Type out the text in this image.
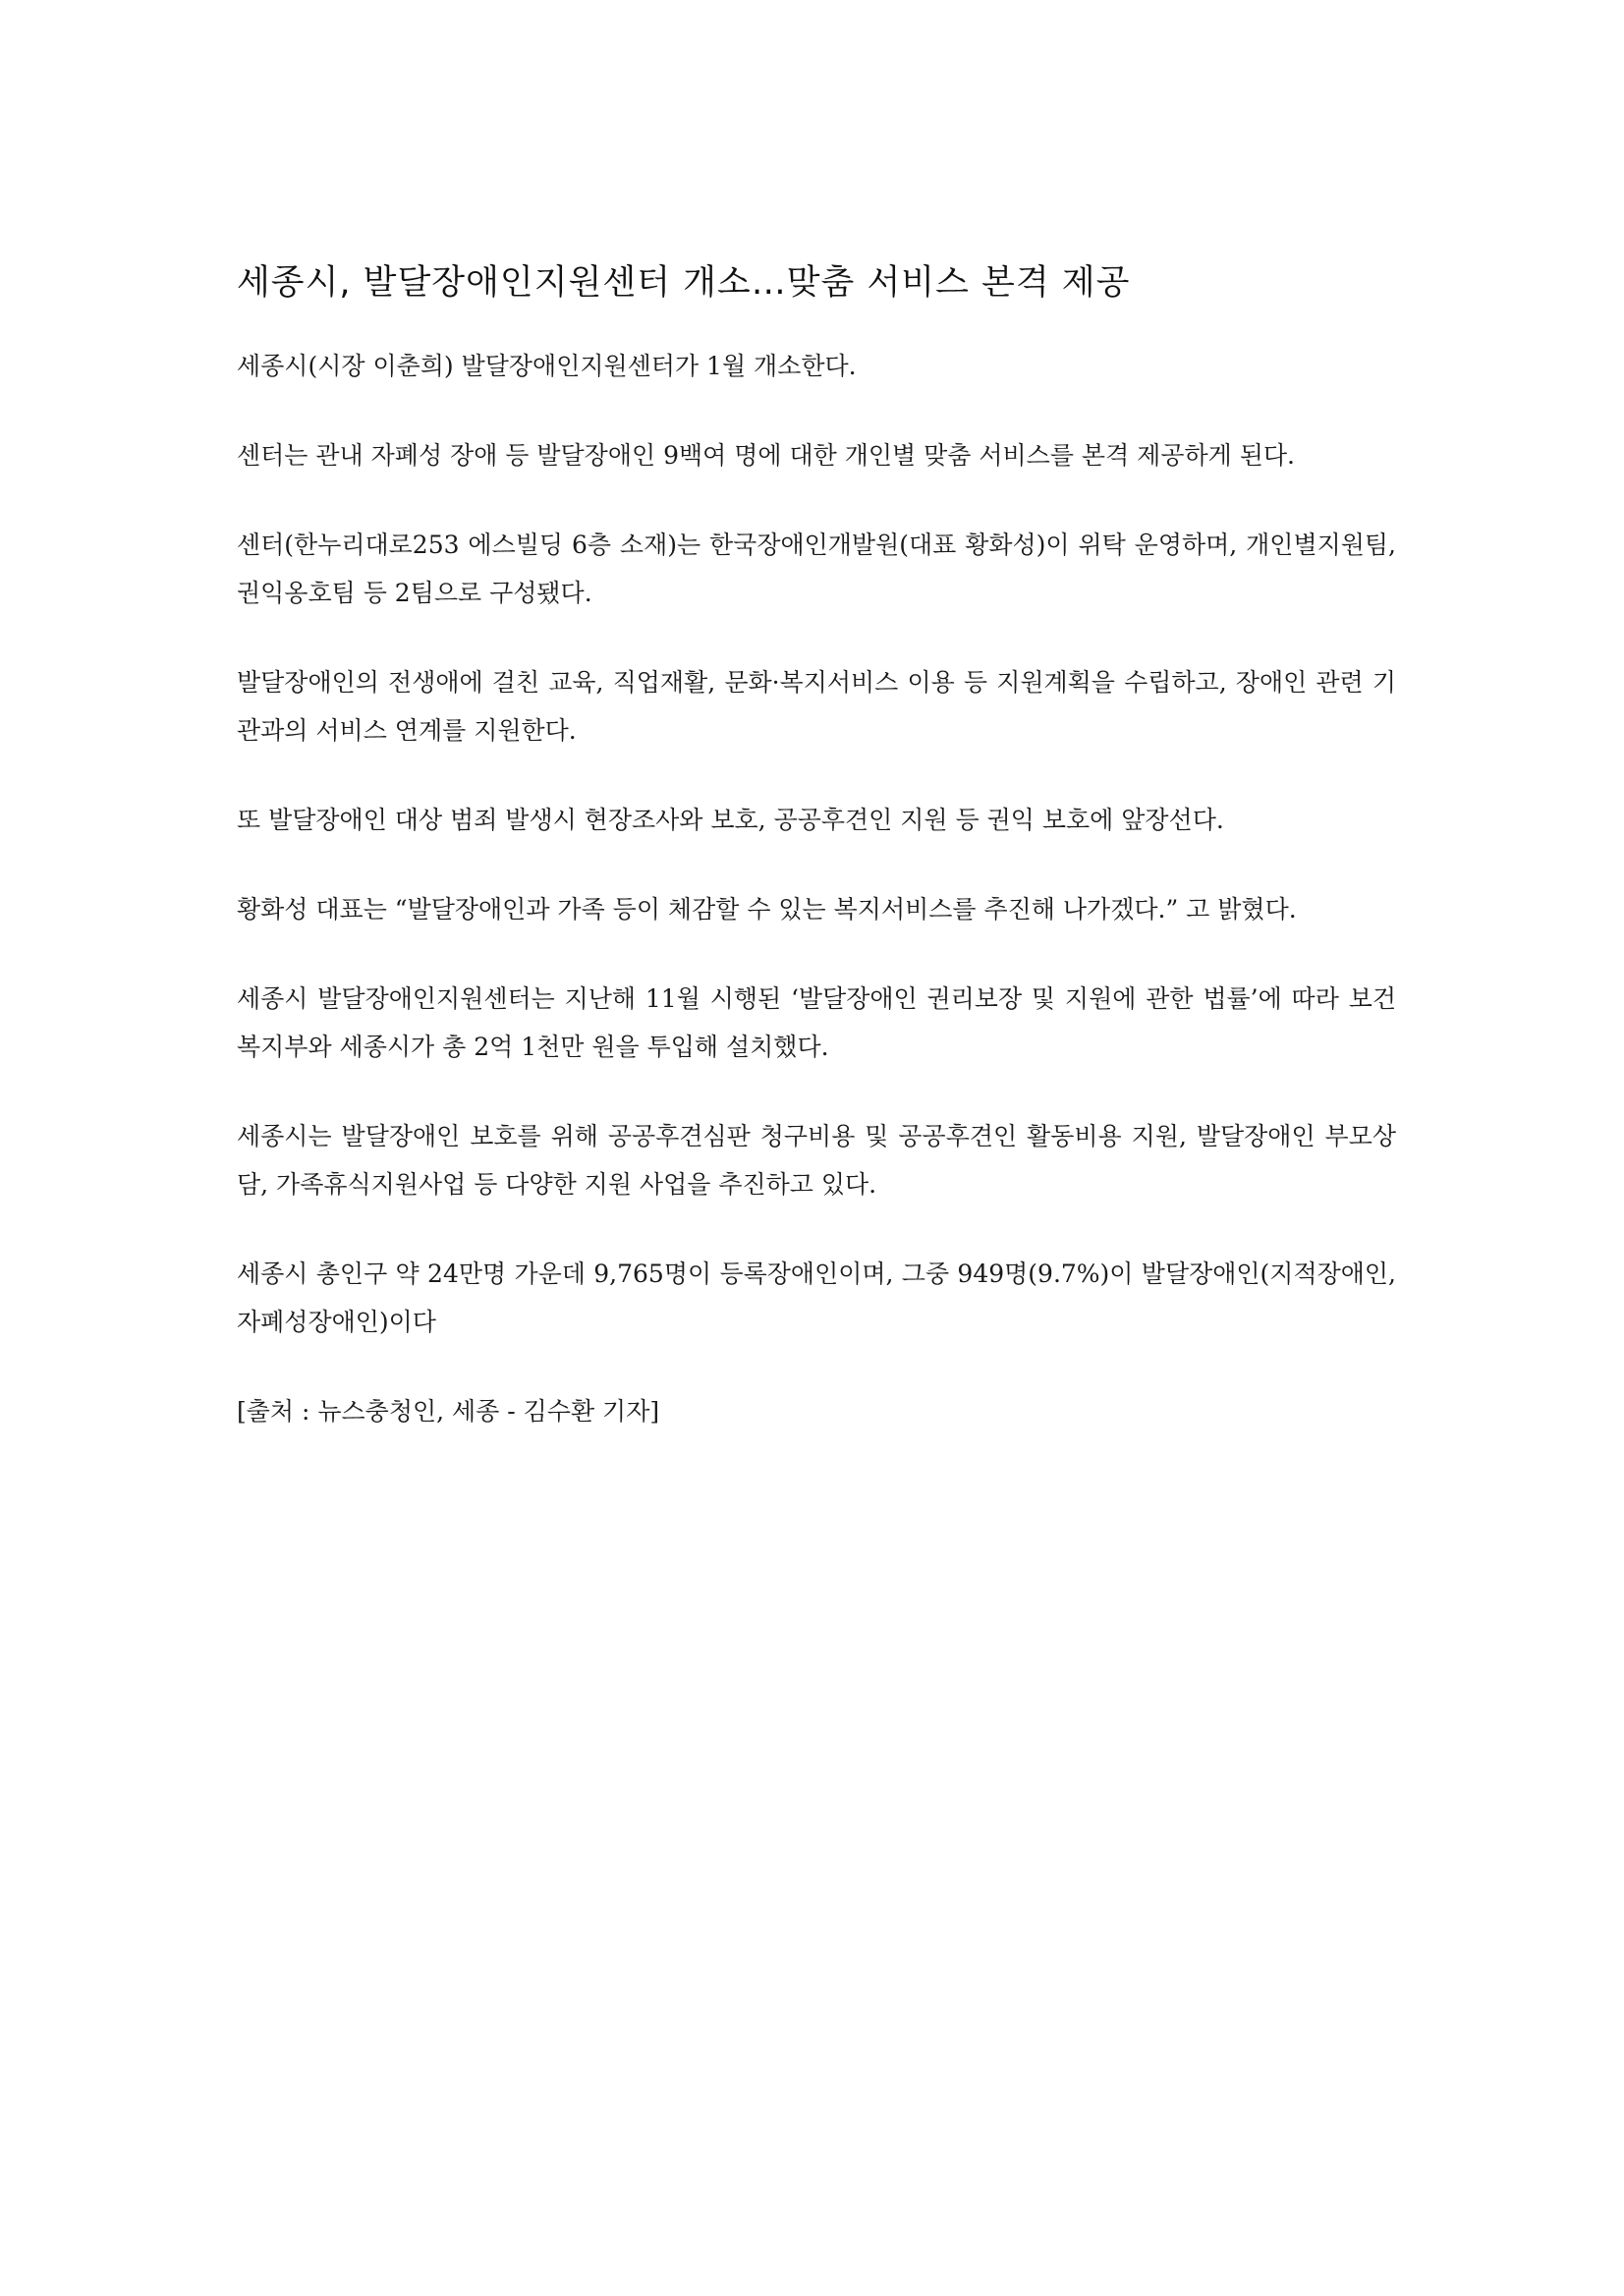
세종시, 발달장애인지원센터 개소…맞춤 서비스 본격 제공

세종시(시장 이춘희) 발달장애인지원센터가 1월 개소한다.

센터는 관내 자폐성 장애 등 발달장애인 9백여 명에 대한 개인별 맞춤 서비스를 본격 제공하게 된다.

센터(한누리대로253 에스빌딩 6층 소재)는 한국장애인개발원(대표 황화성)이 위탁 운영하며, 개인별지원팀, 권익옹호팀 등 2팀으로 구성됐다.

발달장애인의 전생애에 걸친 교육, 직업재활, 문화·복지서비스 이용 등 지원계획을 수립하고, 장애인 관련 기관과의 서비스 연계를 지원한다.

또 발달장애인 대상 범죄 발생시 현장조사와 보호, 공공후견인 지원 등 권익 보호에 앞장선다.

황화성 대표는 “발달장애인과 가족 등이 체감할 수 있는 복지서비스를 추진해 나가겠다.” 고 밝혔다.

세종시 발달장애인지원센터는 지난해 11월 시행된 ‘발달장애인 권리보장 및 지원에 관한 법률’에 따라 보건복지부와 세종시가 총 2억 1천만 원을 투입해 설치했다.

세종시는 발달장애인 보호를 위해 공공후견심판 청구비용 및 공공후견인 활동비용 지원, 발달장애인 부모상담, 가족휴식지원사업 등 다양한 지원 사업을 추진하고 있다.

세종시 총인구 약 24만명 가운데 9,765명이 등록장애인이며, 그중 949명(9.7%)이 발달장애인(지적장애인, 자폐성장애인)이다

[출처 : 뉴스충청인, 세종 - 김수환 기자]
